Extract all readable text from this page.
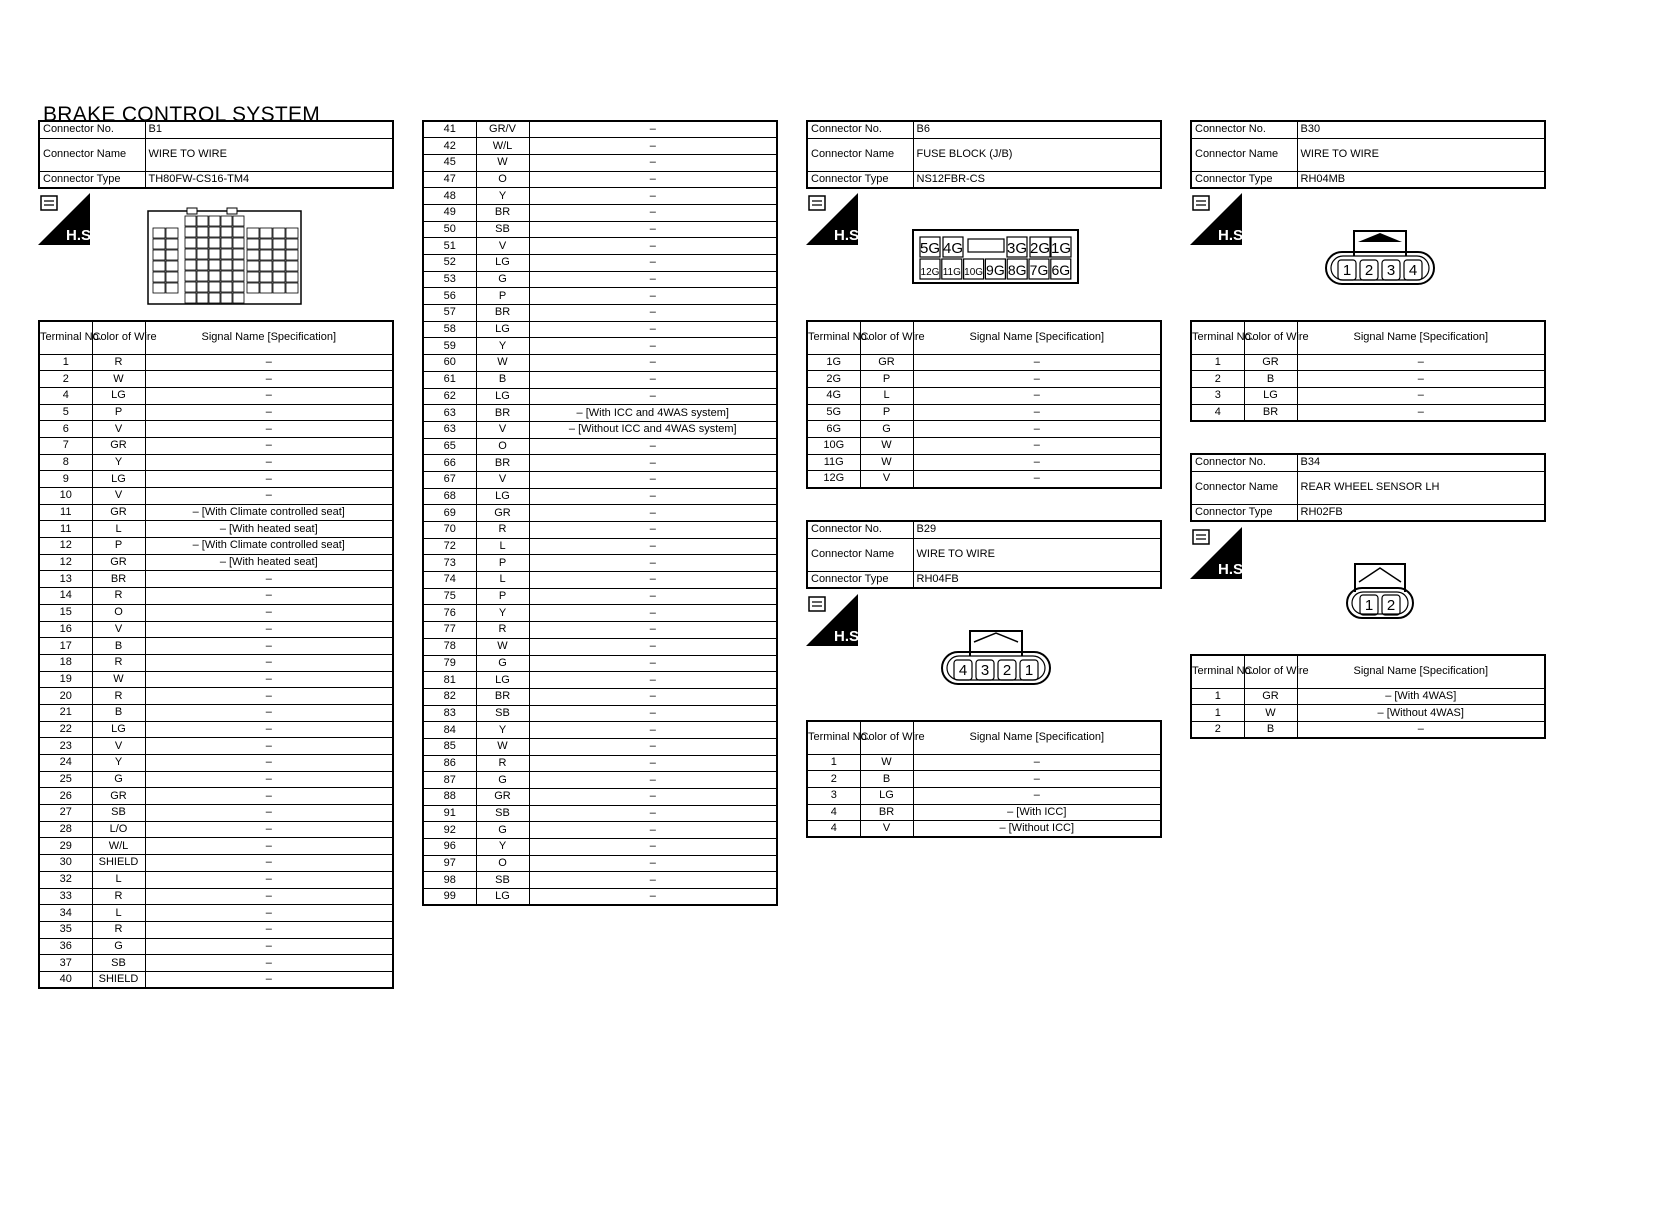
BRAKE CONTROL SYSTEM
Connector No.	B1
Connector Name	WIRE TO WIRE
Connector Type	TH80FW-CS16-TM4
H.S.
Terminal No.	Color of Wire	Signal Name [Specification]
1	R	–
2	W	–
4	LG	–
5	P	–
6	V	–
7	GR	–
8	Y	–
9	LG	–
10	V	–
11	GR	– [With Climate controlled seat]
11	L	– [With heated seat]
12	P	– [With Climate controlled seat]
12	GR	– [With heated seat]
13	BR	–
14	R	–
15	O	–
16	V	–
17	B	–
18	R	–
19	W	–
20	R	–
21	B	–
22	LG	–
23	V	–
24	Y	–
25	G	–
26	GR	–
27	SB	–
28	L/O	–
29	W/L	–
30	SHIELD	–
32	L	–
33	R	–
34	L	–
35	R	–
36	G	–
37	SB	–
40	SHIELD	–
41	GR/V	–
42	W/L	–
45	W	–
47	O	–
48	Y	–
49	BR	–
50	SB	–
51	V	–
52	LG	–
53	G	–
56	P	–
57	BR	–
58	LG	–
59	Y	–
60	W	–
61	B	–
62	LG	–
63	BR	– [With ICC and 4WAS system]
63	V	– [Without ICC and 4WAS system]
65	O	–
66	BR	–
67	V	–
68	LG	–
69	GR	–
70	R	–
72	L	–
73	P	–
74	L	–
75	P	–
76	Y	–
77	R	–
78	W	–
79	G	–
81	LG	–
82	BR	–
83	SB	–
84	Y	–
85	W	–
86	R	–
87	G	–
88	GR	–
91	SB	–
92	G	–
96	Y	–
97	O	–
98	SB	–
99	LG	–
Connector No.	B6
Connector Name	FUSE BLOCK (J/B)
Connector Type	NS12FBR-CS
H.S.
5G 4G	3G 2G 1G
12G 11G 10G 9G 8G 7G 6G
Terminal No.	Color of Wire	Signal Name [Specification]
1G	GR	–
2G	P	–
4G	L	–
5G	P	–
6G	G	–
10G	W	–
11G	W	–
12G	V	–
Connector No.	B29
Connector Name	WIRE TO WIRE
Connector Type	RH04FB
H.S.
4 3 2 1
Terminal No.	Color of Wire	Signal Name [Specification]
1	W	–
2	B	–
3	LG	–
4	BR	– [With ICC]
4	V	– [Without ICC]
Connector No.	B30
Connector Name	WIRE TO WIRE
Connector Type	RH04MB
H.S.
1 2 3 4
Terminal No.	Color of Wire	Signal Name [Specification]
1	GR	–
2	B	–
3	LG	–
4	BR	–
Connector No.	B34
Connector Name	REAR WHEEL SENSOR LH
Connector Type	RH02FB
H.S.
1 2
Terminal No.	Color of Wire	Signal Name [Specification]
1	GR	– [With 4WAS]
1	W	– [Without 4WAS]
2	B	–
